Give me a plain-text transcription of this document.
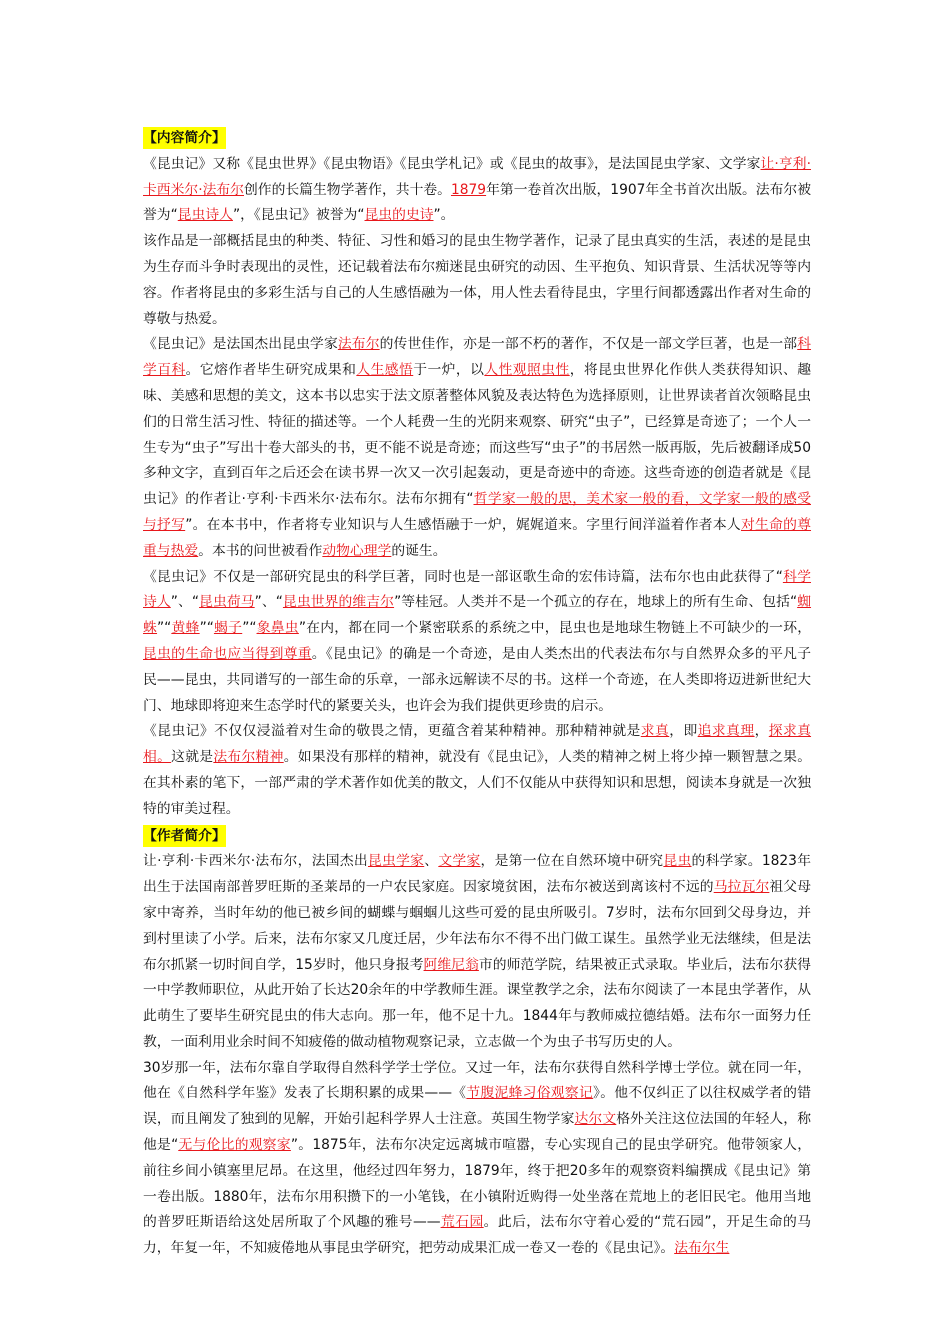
【内容简介】

《昆虫记》又称《昆虫世界》《昆虫物语》《昆虫学札记》或《昆虫的故事》，是法国昆虫学家、文学家让·亨利·卡西米尔·法布尔创作的长篇生物学著作，共十卷。1879年第一卷首次出版，1907年全书首次出版。法布尔被誉为“昆虫诗人”，《昆虫记》被誉为“昆虫的史诗”。

该作品是一部概括昆虫的种类、特征、习性和婚习的昆虫生物学著作，记录了昆虫真实的生活，表述的是昆虫为生存而斗争时表现出的灵性，还记载着法布尔痴迷昆虫研究的动因、生平抱负、知识背景、生活状况等等内容。作者将昆虫的多彩生活与自己的人生感悟融为一体，用人性去看待昆虫，字里行间都透露出作者对生命的尊敬与热爱。

《昆虫记》是法国杰出昆虫学家法布尔的传世佳作，亦是一部不朽的著作，不仅是一部文学巨著，也是一部科学百科。它熔作者毕生研究成果和人生感悟于一炉，以人性观照虫性，将昆虫世界化作供人类获得知识、趣味、美感和思想的美文，这本书以忠实于法文原著整体风貌及表达特色为选择原则，让世界读者首次领略昆虫们的日常生活习性、特征的描述等。一个人耗费一生的光阴来观察、研究“虫子”，已经算是奇迹了；一个人一生专为“虫子”写出十卷大部头的书，更不能不说是奇迹；而这些写“虫子”的书居然一版再版，先后被翻译成50多种文字，直到百年之后还会在读书界一次又一次引起轰动，更是奇迹中的奇迹。这些奇迹的创造者就是《昆虫记》的作者让·亨利·卡西米尔·法布尔。法布尔拥有“哲学家一般的思，美术家一般的看，文学家一般的感受与抒写”。在本书中，作者将专业知识与人生感悟融于一炉，娓娓道来。字里行间洋溢着作者本人对生命的尊重与热爱。本书的问世被看作动物心理学的诞生。

《昆虫记》不仅是一部研究昆虫的科学巨著，同时也是一部讴歌生命的宏伟诗篇，法布尔也由此获得了“科学诗人”、“昆虫荷马”、“昆虫世界的维吉尔”等桂冠。人类并不是一个孤立的存在，地球上的所有生命、包括“蜘蛛”“黄蜂”“蝎子”“象鼻虫”在内，都在同一个紧密联系的系统之中，昆虫也是地球生物链上不可缺少的一环，昆虫的生命也应当得到尊重。《昆虫记》的确是一个奇迹，是由人类杰出的代表法布尔与自然界众多的平凡子民——昆虫，共同谱写的一部生命的乐章，一部永远解读不尽的书。这样一个奇迹，在人类即将迈进新世纪大门、地球即将迎来生态学时代的紧要关头，也许会为我们提供更珍贵的启示。

《昆虫记》不仅仅浸溢着对生命的敬畏之情，更蕴含着某种精神。那种精神就是求真，即追求真理，探求真相。这就是法布尔精神。如果没有那样的精神，就没有《昆虫记》，人类的精神之树上将少掉一颗智慧之果。在其朴素的笔下，一部严肃的学术著作如优美的散文，人们不仅能从中获得知识和思想，阅读本身就是一次独特的审美过程。

【作者简介】

让·亨利·卡西米尔·法布尔，法国杰出昆虫学家、文学家，是第一位在自然环境中研究昆虫的科学家。1823年出生于法国南部普罗旺斯的圣莱昂的一户农民家庭。因家境贫困，法布尔被送到离该村不远的马拉瓦尔祖父母家中寄养，当时年幼的他已被乡间的蝴蝶与蝈蝈儿这些可爱的昆虫所吸引。7岁时，法布尔回到父母身边，并到村里读了小学。后来，法布尔家又几度迁居，少年法布尔不得不出门做工谋生。虽然学业无法继续，但是法布尔抓紧一切时间自学，15岁时，他只身报考阿维尼翁市的师范学院，结果被正式录取。毕业后，法布尔获得一中学教师职位，从此开始了长达20余年的中学教师生涯。课堂教学之余，法布尔阅读了一本昆虫学著作，从此萌生了要毕生研究昆虫的伟大志向。那一年，他不足十九。1844年与教师威拉德结婚。法布尔一面努力任教，一面利用业余时间不知疲倦的做动植物观察记录，立志做一个为虫子书写历史的人。

30岁那一年，法布尔靠自学取得自然科学学士学位。又过一年，法布尔获得自然科学博士学位。就在同一年，他在《自然科学年鉴》发表了长期积累的成果——《节腹泥蜂习俗观察记》。他不仅纠正了以往权威学者的错误，而且阐发了独到的见解，开始引起科学界人士注意。英国生物学家达尔文格外关注这位法国的年轻人，称他是“无与伦比的观察家”。1875年，法布尔决定远离城市喧嚣，专心实现自己的昆虫学研究。他带领家人，前往乡间小镇塞里尼昂。在这里，他经过四年努力，1879年，终于把20多年的观察资料编撰成《昆虫记》第一卷出版。1880年，法布尔用积攒下的一小笔钱，在小镇附近购得一处坐落在荒地上的老旧民宅。他用当地的普罗旺斯语给这处居所取了个风趣的雅号——荒石园。此后，法布尔守着心爱的“荒石园”，开足生命的马力，年复一年，不知疲倦地从事昆虫学研究，把劳动成果汇成一卷又一卷的《昆虫记》。法布尔生
